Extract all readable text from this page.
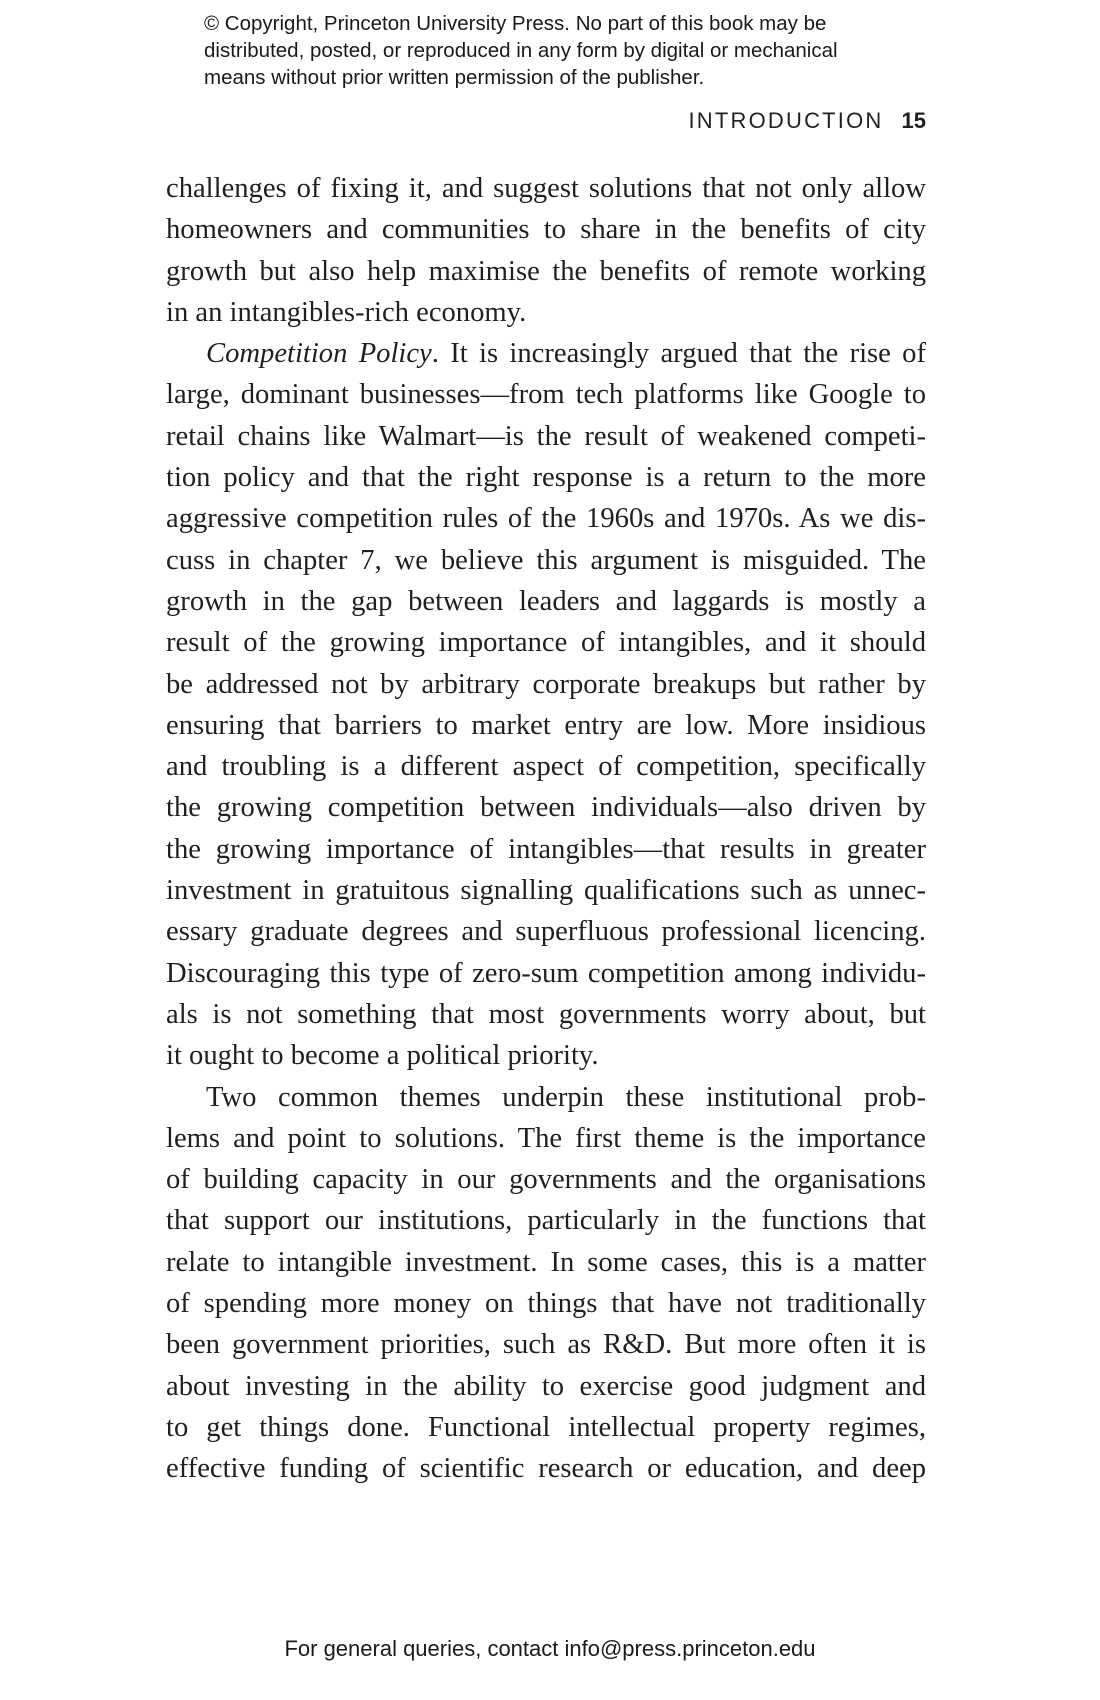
© Copyright, Princeton University Press. No part of this book may be
distributed, posted, or reproduced in any form by digital or mechanical
means without prior written permission of the publisher.
INTRODUCTION 15
challenges of fixing it, and suggest solutions that not only allow
homeowners and communities to share in the benefits of city
growth but also help maximise the benefits of remote working
in an intangibles-rich economy.
Competition Policy. It is increasingly argued that the rise of
large, dominant businesses—from tech platforms like Google to
retail chains like Walmart—is the result of weakened competi-
tion policy and that the right response is a return to the more
aggressive competition rules of the 1960s and 1970s. As we dis-
cuss in chapter 7, we believe this argument is misguided. The
growth in the gap between leaders and laggards is mostly a
result of the growing importance of intangibles, and it should
be addressed not by arbitrary corporate breakups but rather by
ensuring that barriers to market entry are low. More insidious
and troubling is a different aspect of competition, specifically
the growing competition between individuals—also driven by
the growing importance of intangibles—that results in greater
investment in gratuitous signalling qualifications such as unnec-
essary graduate degrees and superfluous professional licencing.
Discouraging this type of zero-sum competition among individu-
als is not something that most governments worry about, but
it ought to become a political priority.
Two common themes underpin these institutional prob-
lems and point to solutions. The first theme is the importance
of building capacity in our governments and the organisations
that support our institutions, particularly in the functions that
relate to intangible investment. In some cases, this is a matter
of spending more money on things that have not traditionally
been government priorities, such as R&D. But more often it is
about investing in the ability to exercise good judgment and
to get things done. Functional intellectual property regimes,
effective funding of scientific research or education, and deep
For general queries, contact info@press.princeton.edu
